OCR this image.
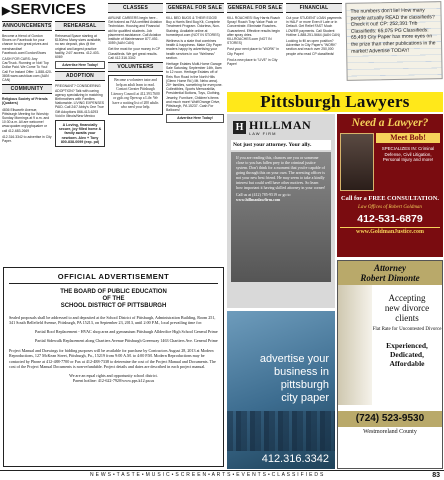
▶SERVICES
ANNOUNCEMENTS

Become a friend of Gordon Shoes on Facebook for your chance to win great prizes and merchandise! Facebook.com/GordonShoes

CASH FOR CARS: Any Car/Truck. Running or Not! Top Dollar Paid. We Come To You! Call For Instant Offer: 1-888-420-3808 www.cash4car.com (AAN CAN)

COMMUNITY

Religious Society of Friends (Quakers)

4836 Ellsworth Avenue, Pittsburgh Meeting for Worship Sunday Mornings at 9 a.m. and 10:30 a.m. All are welcome! www.quaker.org/pghquaker or call 412-683-2669

412.316.3342 to advertise in City Paper.

REHEARSAL

Rehearsal Space starting at $150/mo Many sizes available, no sec deposit, plus @ the original and largest practice facility, 24/7 access. 412-403-6069

Advertise Here Today!

ADOPTION

PREGNANT? CONSIDERING ADOPTION? Talk with caring agency specializing in matching Birthmothers with Families Nationwide. LIVING EXPENSES PAID. Call 24/7 Abby's One True Gift Adoptions 866-413-6293 Void in Illinois/New Mexico

A Loving, financially secure, joy filled home & family awaits your newborn. Alex + Tony 800-838-0099 (exp. pd)

CLASSES

AIRLINE CAREERS begin here - Get trained as FAA certified Aviation Technician. Housing and Financial aid for qualified students. Job placement assistance. Call Aviation Institute of Maintenance 877-492-3059 (AAN CAN)

Get the most for your money in CP Classifieds. We get great results. Call 412.316.3342

VOLUNTEERS

Become a volunteer tutor and help an adult learn to read. Contact Greater Pittsburgh Literacy Council at 412.393.7600 or gplc.org Open up a Life. We have a waiting list of 200 adults who need your help.

GENERAL FOR SALE

KILL BED BUGS & THEIR EGGS! Buy a Harris Bed Bug Kit, Complete Treatment Program. Odorless, Non-Staining. Available online at homedepot.com (NOT IN STORES)

Wellness is a state that combines health & happiness. Make City Paper readers happy by advertising your health services in our "Wellness" section.

Heritage Estates Multi-Home Garage Sale Saturday, September 14th, 8am to 12 noon. Heritage Estates off of Reis Run Road in the North Hills (Glenn Home Rd.) Mt. Nebo area). 20+ families, something for everyone. Collectibles, Sports Memorabilia, Presidential Buttons, Toys, Clothing, Jewelry, Furniture, Children's items and much more! Wolf/Orange Drive, Pittsburgh, PA 15237. Cash For Balloons!

Advertise Here Today!

GENERAL FOR SALE

KILL ROACHES! Buy Harris Roach Spray! Roach Trap Value Pack or Concentrate. Eliminate Roaches-Guaranteed. Effective results begin after spray dries. KILLROACHES.com (NOT IN STORES)

Post your next place to "WORK" in City Paper!

Find a new place to "LIVE" in City Paper!

FINANCIAL

Cut your STUDENT LOAN payments in HALF or more Even if Late or in Default. Get Relief FAST Much LOWER payments. Call Student Hotline 1-888-251-5664 (AAN CAN)

Looking to fill an open position? Advertise in City Paper's "WORK" section and reach over 250,000 people who read CP classifieds!

The numbers don't lie! How many people actually READ the classifieds? Check it out! CP: 252,391 Trib Classifieds: 65,075 PG Classifieds: 65,493 City Paper has more eyes on the prize than other publications in the market! Advertise TODAY!
Pittsburgh Lawyers
OFFICIAL ADVERTISEMENT
THE BOARD OF PUBLIC EDUCATION
OF THE
SCHOOL DISTRICT OF PITTSBURGH

Sealed proposals shall be addressed to and deposited at the School District of Pittsburgh, Administration Building, Room 251, 341 South Bellefield Avenue, Pittsburgh, PA 15213, on September 23, 2013, until 2:00 P.M., local prevailing time for:

Partial Roof Replacement - HVAC shop area and gymnasium Pittsburgh Allderdice High School General Prime

Partial Sidewalk Replacement along Chartiers Avenue Pittsburgh Greenway 1463 Chartiers Ave. General Prime

Project Manual and Drawings for bidding purposes will be available for purchase by Contractors August 28, 2013 at Modern Reproductions, 127 McKean Street, Pittsburgh, Pa., 15219 from 9:00 A.M. to 4:00 P.M. Modern Reproductions may be contacted by Phone at 412-488-7700 or Fax at 412-488-7338 to determine the cost of the Project Manual and Documents. The cost of the Project Manual Documents is non-refundable. Project details and dates are described in each project manual.

We are an equal rights and opportunity school district.

Parent hotline: 412-622-7920/www.pps.k12.pa.us

H HILLMAN
LAW FIRM
Not just your attorney. Your ally.

If you are reading this, chances are you or someone close to you has fallen prey to the criminal justice system. Don't think for a moment that you're capable of going through this on your own. The arresting officer is not your new best friend. He may seem to take a kindly interest but could well have other motives. So learn how important it having skilled attorney in your corner!

Call us at (412) 785-9519 or go to

www.hillmanlawfirm.com

Need a Lawyer?
Meet Bob!
SPECIALIZES IN: Criminal Defense, Civil Litigation, Personal Injury and more!
Call for a FREE CONSULTATION.
Law Offices of Robert Goldman
412-531-6879
www.GoldmanJustice.com
advertise your
business in
pittsburgh
city paper
412.316.3342
Attorney
Robert Dimonte
Accepting
new divorce
clients
Flat Rate for Uncontested Divorce
Experienced,
Dedicated,
Affordable
(724) 523-9530
Westmoreland County
N E W S • T A S T E • M U S I C • S C R E E N • A R T S • E V E N T S • C L A S S I F I E D S	83
